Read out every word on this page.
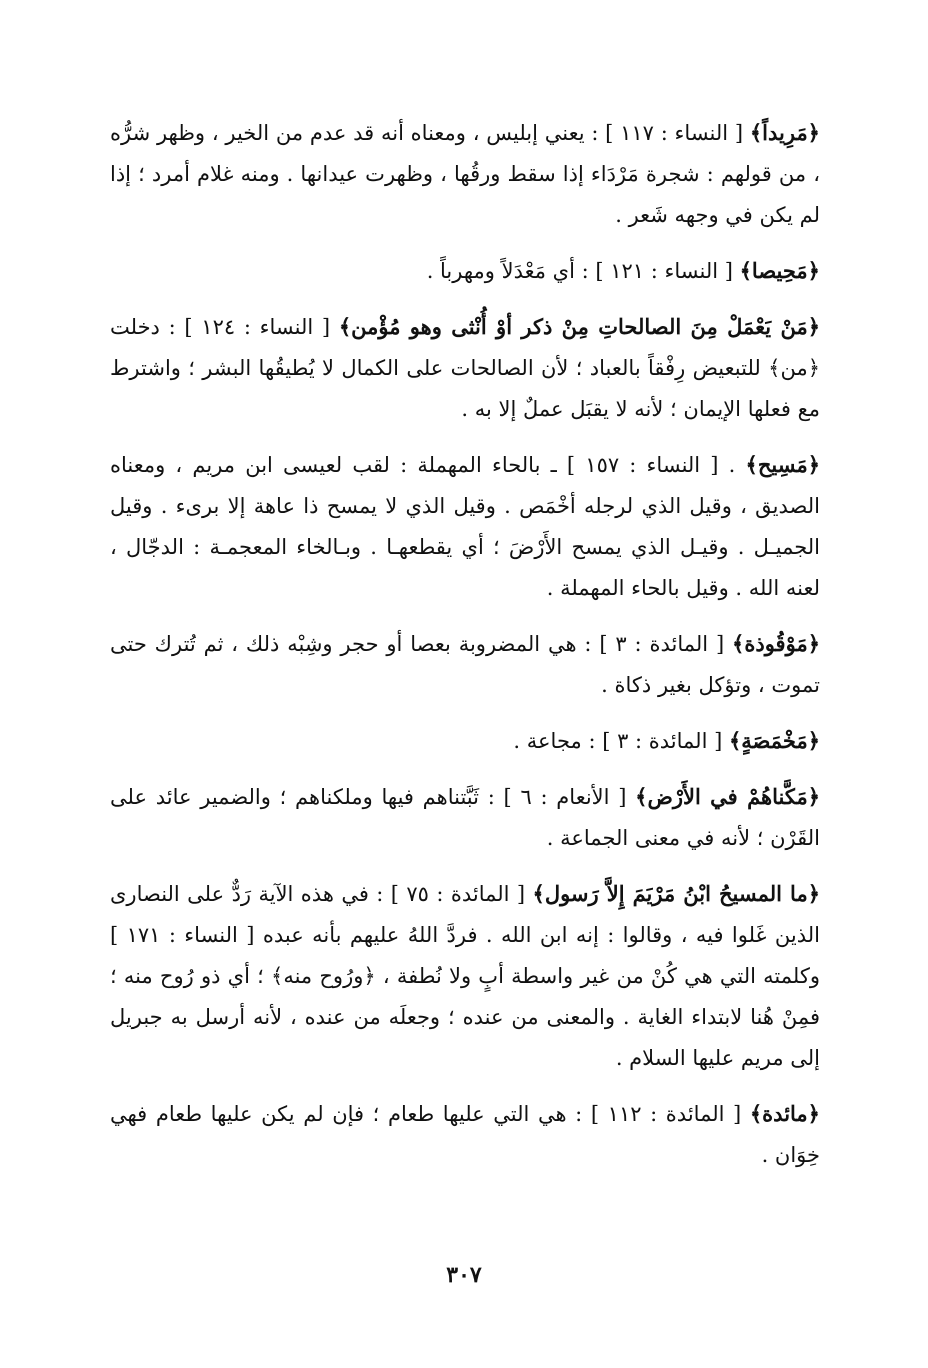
﴿مَرِيداً﴾ [ النساء : ١١٧ ] : يعني إبليس ، ومعناه أنه قد عدم من الخير ، وظهر شرُّه ، من قولهم : شجرة مَرْدَاء إذا سقط ورقُها ، وظهرت عيدانها . ومنه غلام أمرد ؛ إذا لم يكن في وجهه شَعر .

﴿مَحِيصا﴾ [ النساء : ١٢١ ] : أي مَعْدَلاً ومهرباً .

﴿مَنْ يَعْمَلْ مِنَ الصالحاتِ مِنْ ذكر أوْ أُنْثى وهو مُؤْمن﴾ [ النساء : ١٢٤ ] : دخلت ﴿من﴾ للتبعيض رِفْقاً بالعباد ؛ لأن الصالحات على الكمال لا يُطيقُها البشر ؛ واشترط مع فعلها الإيمان ؛ لأنه لا يقبَل عملٌ إلا به .

﴿مَسِيح﴾ . [ النساء : ١٥٧ ] ـ بالحاء المهملة : لقب لعيسى ابن مريم ، ومعناه الصديق ، وقيل الذي لرجله أخْمَص . وقيل الذي لا يمسح ذا عاهة إلا برىء . وقيل الجميـل . وقيـل الذي يمسح الأَرْضَ ؛ أي يقطعهـا . وبـالخاء المعجمـة : الدجّال ، لعنه الله . وقيل بالحاء المهملة .

﴿مَوْقُوذة﴾ [ المائدة : ٣ ] : هي المضروبة بعصا أو حجر وشِبْه ذلك ، ثم تُترك حتى تموت ، وتؤكل بغير ذكاة .

﴿مَخْمَصَةٍ﴾ [ المائدة : ٣ ] : مجاعة .

﴿مَكَّناهُمْ في الأَرْض﴾ [ الأنعام : ٦ ] : ثَبَّتناهم فيها وملكناهم ؛ والضمير عائد على القَرْن ؛ لأنه في معنى الجماعة .

﴿ما المسيحُ ابْنُ مَرْيَمَ إِلاَّ رَسول﴾ [ المائدة : ٧٥ ] : في هذه الآية رَدٌّ على النصارى الذين غَلوا فيه ، وقالوا : إنه ابن الله . فردَّ اللهُ عليهم بأنه عبده [ النساء : ١٧١ ] وكلمته التي هي كُنْ من غير واسطة أبٍ ولا نُطفة ، ﴿ورُوح منه﴾ ؛ أي ذو رُوح منه ؛ فمِنْ هُنا لابتداء الغاية . والمعنى من عنده ؛ وجعلَه من عنده ، لأنه أرسل به جبريل إلى مريم عليها السلام .

﴿مائدة﴾ [ المائدة : ١١٢ ] : هي التي عليها طعام ؛ فإن لم يكن عليها طعام فهي خِوَان .

٣٠٧
